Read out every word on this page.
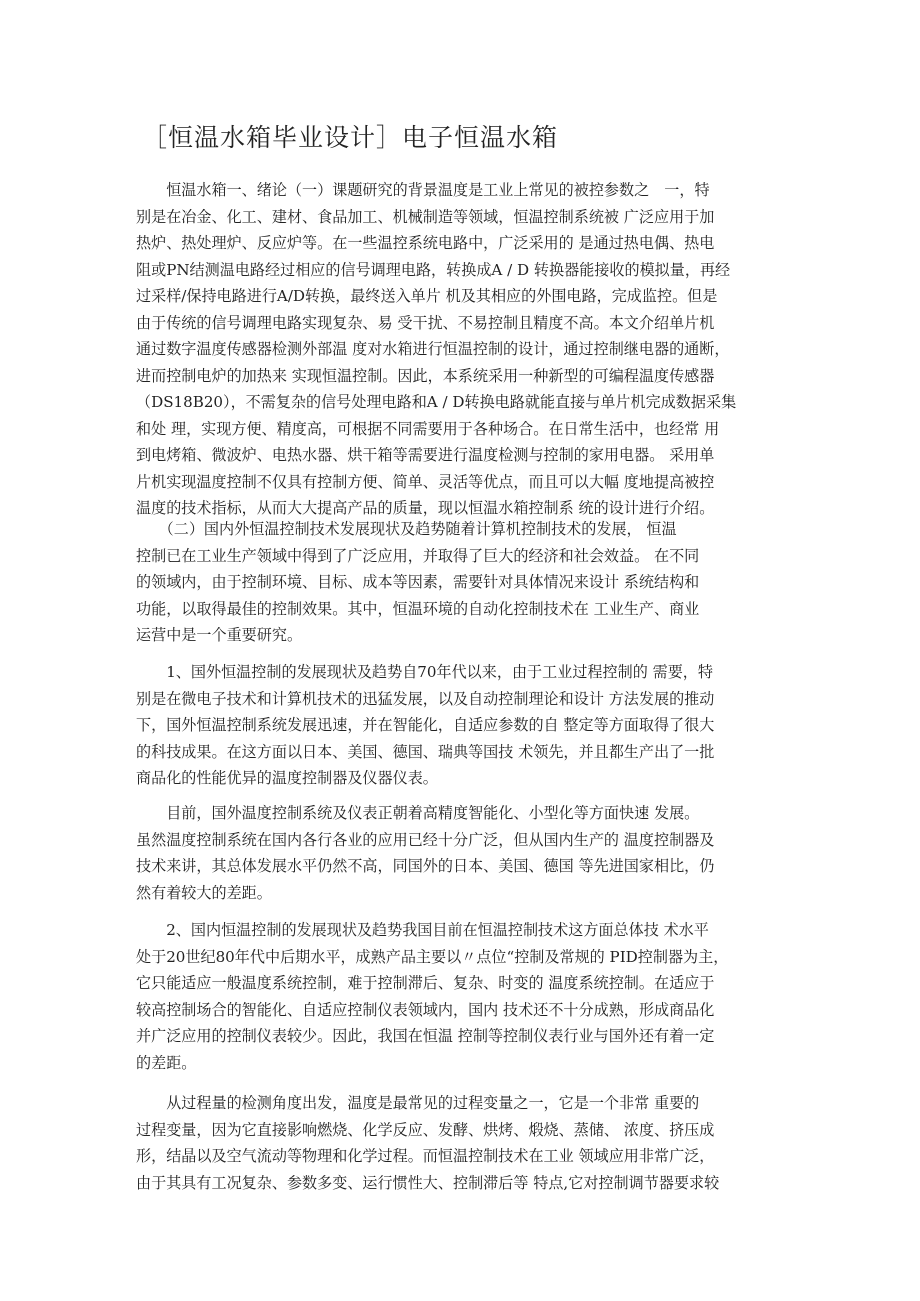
［恒温水箱毕业设计］电子恒温水箱
　　恒温水箱一、绪论（一）课题研究的背景温度是工业上常见的被控参数之　一，特
别是在冶金、化工、建材、食品加工、机械制造等领域，恒温控制系统被 广泛应用于加
热炉、热处理炉、反应炉等。在一些温控系统电路中，广泛采用的 是通过热电偶、热电
阻或PN结测温电路经过相应的信号调理电路，转换成A / D 转换器能接收的模拟量，再经
过采样/保持电路进行A/D转换，最终送入单片 机及其相应的外围电路，完成监控。但是
由于传统的信号调理电路实现复杂、易 受干扰、不易控制且精度不高。本文介绍单片机
通过数字温度传感器检测外部温 度对水箱进行恒温控制的设计，通过控制继电器的通断，
进而控制电炉的加热来 实现恒温控制。因此，本系统采用一种新型的可编程温度传感器
（DS18B20），不需复杂的信号处理电路和A / D转换电路就能直接与单片机完成数据采集
和处 理，实现方便、精度高，可根据不同需要用于各种场合。在日常生活中，也经常 用
到电烤箱、微波炉、电热水器、烘干箱等需要进行温度检测与控制的家用电器。 采用单
片机实现温度控制不仅具有控制方便、简单、灵活等优点，而且可以大幅 度地提高被控
温度的技术指标，从而大大提高产品的质量，现以恒温水箱控制系 统的设计进行介绍。
　　（二）国内外恒温控制技术发展现状及趋势随着计算机控制技术的发展， 恒温
控制已在工业生产领域中得到了广泛应用，并取得了巨大的经济和社会效益。 在不同
的领域内，由于控制环境、目标、成本等因素，需要针对具体情况来设计 系统结构和
功能，以取得最佳的控制效果。其中，恒温环境的自动化控制技术在 工业生产、商业
运营中是一个重要研究。
　　1、国外恒温控制的发展现状及趋势自70年代以来，由于工业过程控制的 需要，特
别是在微电子技术和计算机技术的迅猛发展，以及自动控制理论和设计 方法发展的推动
下，国外恒温控制系统发展迅速，并在智能化，自适应参数的自 整定等方面取得了很大
的科技成果。在这方面以日本、美国、德国、瑞典等国技 术领先，并且都生产出了一批
商品化的性能优异的温度控制器及仪器仪表。
　　目前，国外温度控制系统及仪表正朝着高精度智能化、小型化等方面快速 发展。
虽然温度控制系统在国内各行各业的应用已经十分广泛，但从国内生产的 温度控制器及
技术来讲，其总体发展水平仍然不高，同国外的日本、美国、德国 等先进国家相比，仍
然有着较大的差距。
　　2、国内恒温控制的发展现状及趋势我国目前在恒温控制技术这方面总体技 术水平
处于20世纪80年代中后期水平，成熟产品主要以〃点位“控制及常规的 PID控制器为主，
它只能适应一般温度系统控制，难于控制滞后、复杂、时变的 温度系统控制。在适应于
较高控制场合的智能化、自适应控制仪表领域内，国内 技术还不十分成熟，形成商品化
并广泛应用的控制仪表较少。因此，我国在恒温 控制等控制仪表行业与国外还有着一定
的差距。
　　从过程量的检测角度出发，温度是最常见的过程变量之一，它是一个非常 重要的
过程变量，因为它直接影响燃烧、化学反应、发酵、烘烤、煅烧、蒸储、 浓度、挤压成
形，结晶以及空气流动等物理和化学过程。而恒温控制技术在工业 领域应用非常广泛，
由于其具有工况复杂、参数多变、运行惯性大、控制滞后等 特点,它对控制调节器要求较
